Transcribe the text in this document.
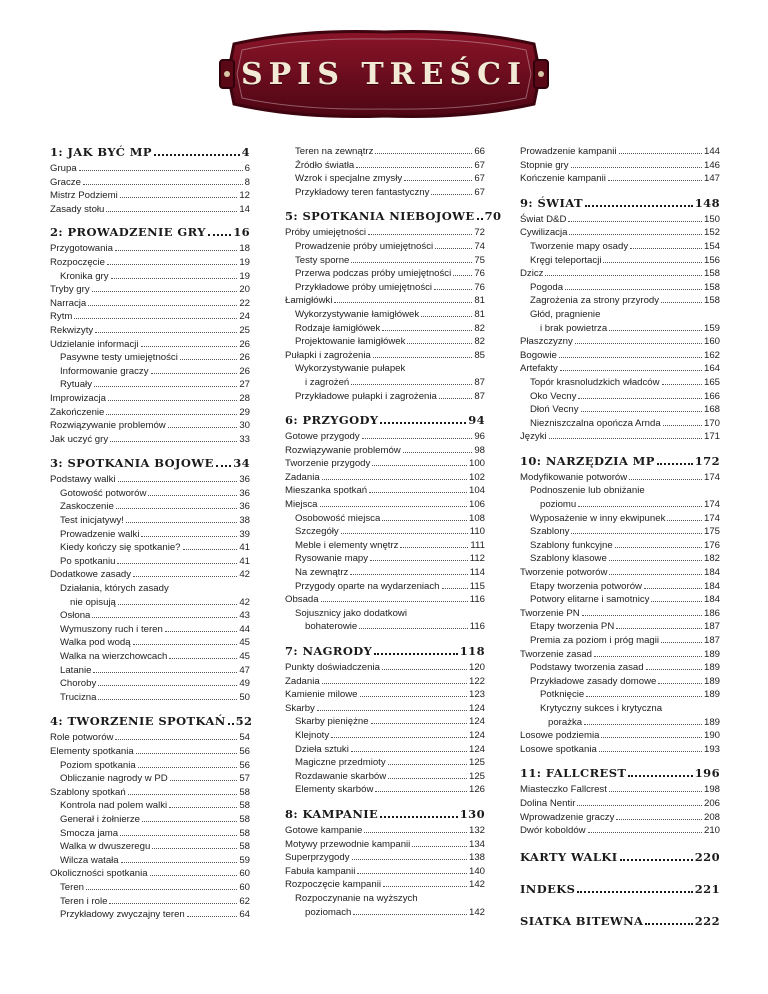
SPIS TREŚCI
1: JAK BYĆ MP	4
Grupa	6
Gracze	8
Mistrz Podziemi	12
Zasady stołu	14
2: PROWADZENIE GRY 16
Przygotowania	18
Rozpoczęcie	19
Kronika gry	19
Tryby gry	20
Narracja	22
Rytm	24
Rekwizyty	25
Udzielanie informacji	26
Pasywne testy umiejętności	26
Informowanie graczy	26
Rytuały	27
Improwizacja	28
Zakończenie	29
Rozwiązywanie problemów	30
Jak uczyć gry	33
3: SPOTKANIA BOJOWE 34
Podstawy walki	36
Gotowość potworów	36
Zaskoczenie	36
Test inicjatywy!	38
Prowadzenie walki	39
Kiedy kończy się spotkanie?	41
Po spotkaniu	41
Dodatkowe zasady	42
Działania, których zasady
nie opisują	42
Osłona	43
Wymuszony ruch i teren	44
Walka pod wodą	45
Walka na wierzchowcach	45
Latanie	47
Choroby	49
Trucizna	50
4: TWORZENIE SPOTKAŃ 52
Role potworów	54
Elementy spotkania	56
Poziom spotkania	56
Obliczanie nagrody w PD	57
Szablony spotkań	58
Kontrola nad polem walki	58
Generał i żołnierze	58
Smocza jama	58
Walka w dwuszeregu	58
Wilcza watała	59
Okoliczności spotkania	60
Teren	60
Teren i role	62
Przykładowy zwyczajny teren	64
Teren na zewnątrz	66
Źródło światła	67
Wzrok i specjalne zmysły	67
Przykładowy teren fantastyczny	67
5: SPOTKANIA NIEBOJOWE 70
Próby umiejętności	72
Prowadzenie próby umiejętności	74
Testy sporne	75
Przerwa podczas próby umiejętności 76
Przykładowe próby umiejętności	76
Łamigłówki	81
Wykorzystywanie łamigłówek	81
Rodzaje łamigłówek	82
Projektowanie łamigłówek	82
Pułapki i zagrożenia	85
Wykorzystywanie pułapek
i zagrożeń	87
Przykładowe pułapki i zagrożenia	87
6: PRZYGODY	94
Gotowe przygody	96
Rozwiązywanie problemów	98
Tworzenie przygody	100
Zadania	102
Mieszanka spotkań	104
Miejsca	106
Osobowość miejsca	108
Szczegóły	110
Meble i elementy wnętrz	111
Rysowanie mapy	112
Na zewnątrz	114
Przygody oparte na wydarzeniach	115
Obsada	116
Sojusznicy jako dodatkowi
bohaterowie	116
7: NAGRODY	118
Punkty doświadczenia	120
Zadania	122
Kamienie milowe	123
Skarby	124
Skarby pieniężne	124
Klejnoty	124
Dzieła sztuki	124
Magiczne przedmioty	125
Rozdawanie skarbów	125
Elementy skarbów	126
8: KAMPANIE	130
Gotowe kampanie	132
Motywy przewodnie kampanii	134
Superprzygody	138
Fabuła kampanii	140
Rozpoczęcie kampanii	142
Rozpoczynanie na wyższych
poziomach	142
Prowadzenie kampanii	144
Stopnie gry	146
Kończenie kampanii	147
9: ŚWIAT	148
Świat D&D	150
Cywilizacja	152
Tworzenie mapy osady	154
Kręgi teleportacji	156
Dzicz	158
Pogoda	158
Zagrożenia za strony przyrody	158
Głód, pragnienie
i brak powietrza	159
Płaszczyzny	160
Bogowie	162
Artefakty	164
Topór krasnoludzkich władców	165
Oko Vecny	166
Dłoń Vecny	168
Niezniszczalna opończa Arnda	170
Języki	171
10: NARZĘDZIA MP	172
Modyfikowanie potworów	174
Podnoszenie lub obniżanie
poziomu	174
Wyposażenie w inny ekwipunek	174
Szablony	175
Szablony funkcyjne	176
Szablony klasowe	182
Tworzenie potworów	184
Etapy tworzenia potworów	184
Potwory elitarne i samotnicy	184
Tworzenie PN	186
Etapy tworzenia PN	187
Premia za poziom i próg magii	187
Tworzenie zasad	189
Podstawy tworzenia zasad	189
Przykładowe zasady domowe	189
Potknięcie	189
Krytyczny sukces i krytyczna
porażka	189
Losowe podziemia	190
Losowe spotkania	193
11: FALLCREST	196
Miasteczko Fallcrest	198
Dolina Nentir	206
Wprowadzenie graczy	208
Dwór koboldów	210
KARTY WALKI	220
INDEKS	221
SIATKA BITEWNA	222
